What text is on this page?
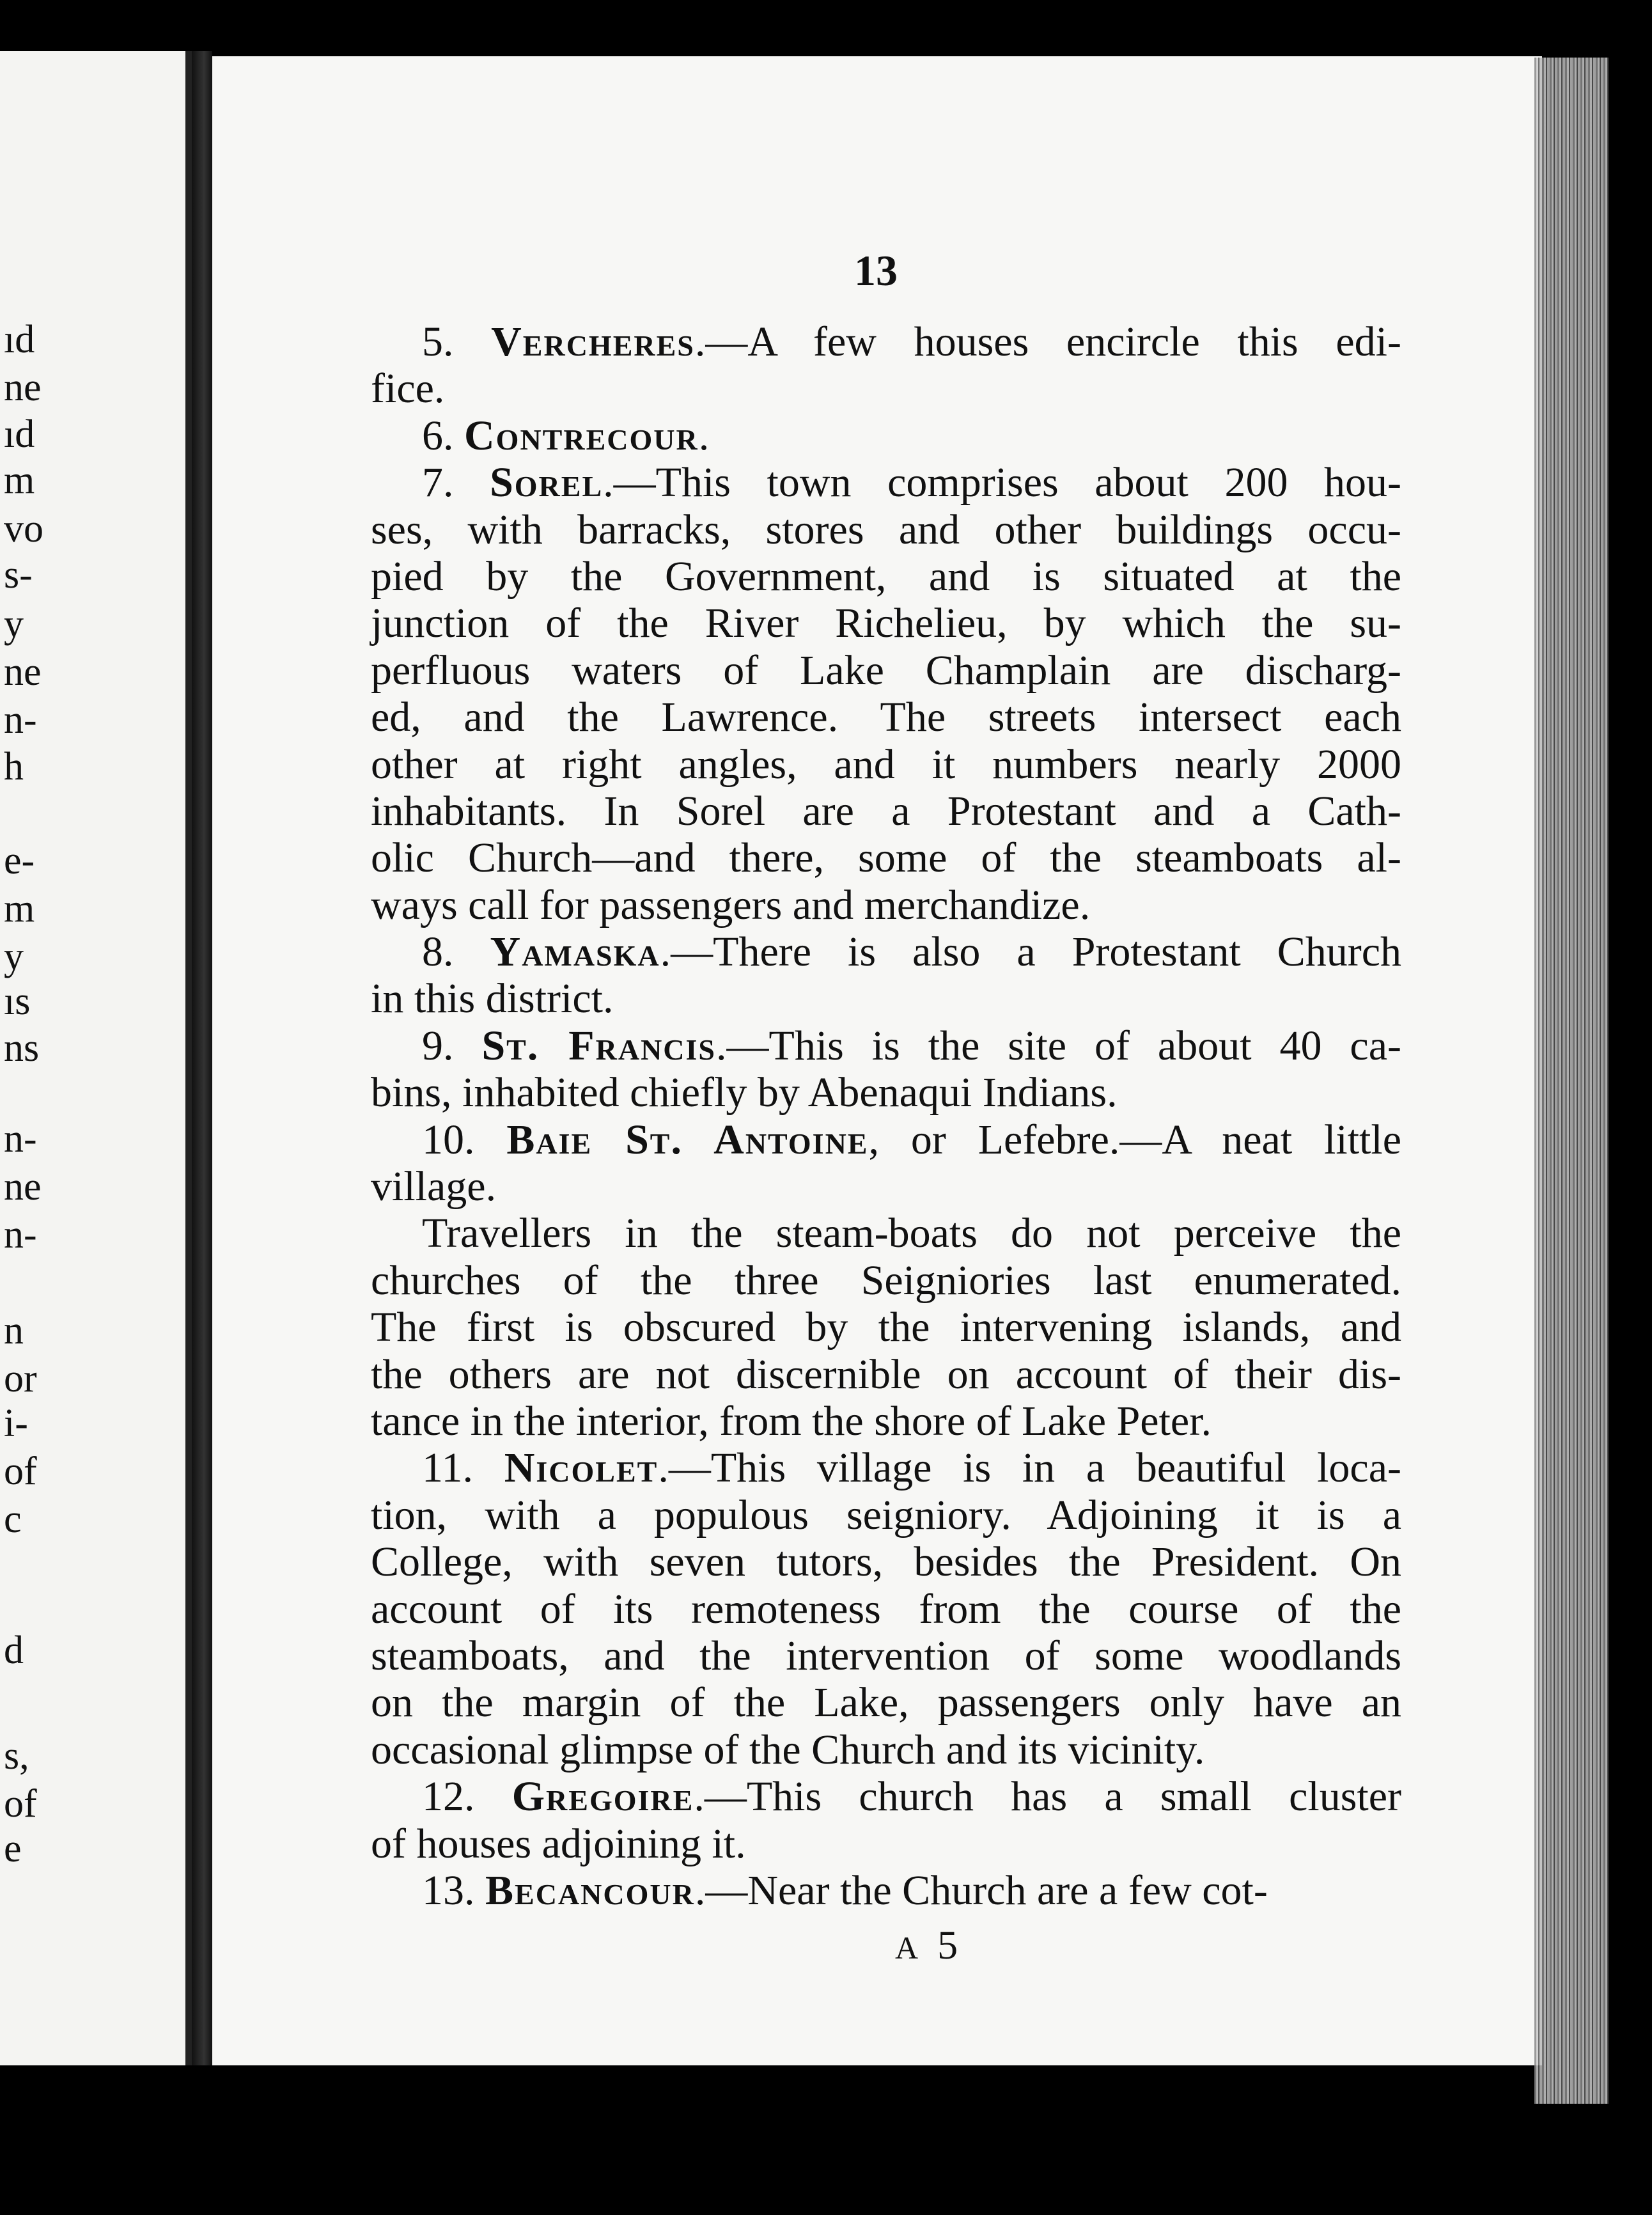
ıd
ne
ıd
m
vo
s-
y
ne
n-
h
e-
m
y
ıs
ns
n-
ne
n-
n
or
i-
of
c
d
s,
of
e
13
5. Vercheres.—A few houses encircle this edi-
fice.
6. Contrecour.
7. Sorel.—This town comprises about 200 hou-
ses, with barracks, stores and other buildings occu-
pied by the Government, and is situated at the
junction of the River Richelieu, by which the su-
perfluous waters of Lake Champlain are discharg-
ed, and the Lawrence. The streets intersect each
other at right angles, and it numbers nearly 2000
inhabitants. In Sorel are a Protestant and a Cath-
olic Church—and there, some of the steamboats al-
ways call for passengers and merchandize.
8. Yamaska.—There is also a Protestant Church
in this district.
9. St. Francis.—This is the site of about 40 ca-
bins, inhabited chiefly by Abenaqui Indians.
10. Baie St. Antoine, or Lefebre.—A neat little
village.
Travellers in the steam-boats do not perceive the
churches of the three Seigniories last enumerated.
The first is obscured by the intervening islands, and
the others are not discernible on account of their dis-
tance in the interior, from the shore of Lake Peter.
11. Nicolet.—This village is in a beautiful loca-
tion, with a populous seigniory. Adjoining it is a
College, with seven tutors, besides the President. On
account of its remoteness from the course of the
steamboats, and the intervention of some woodlands
on the margin of the Lake, passengers only have an
occasional glimpse of the Church and its vicinity.
12. Gregoire.—This church has a small cluster
of houses adjoining it.
13. Becancour.—Near the Church are a few cot-
A 5
